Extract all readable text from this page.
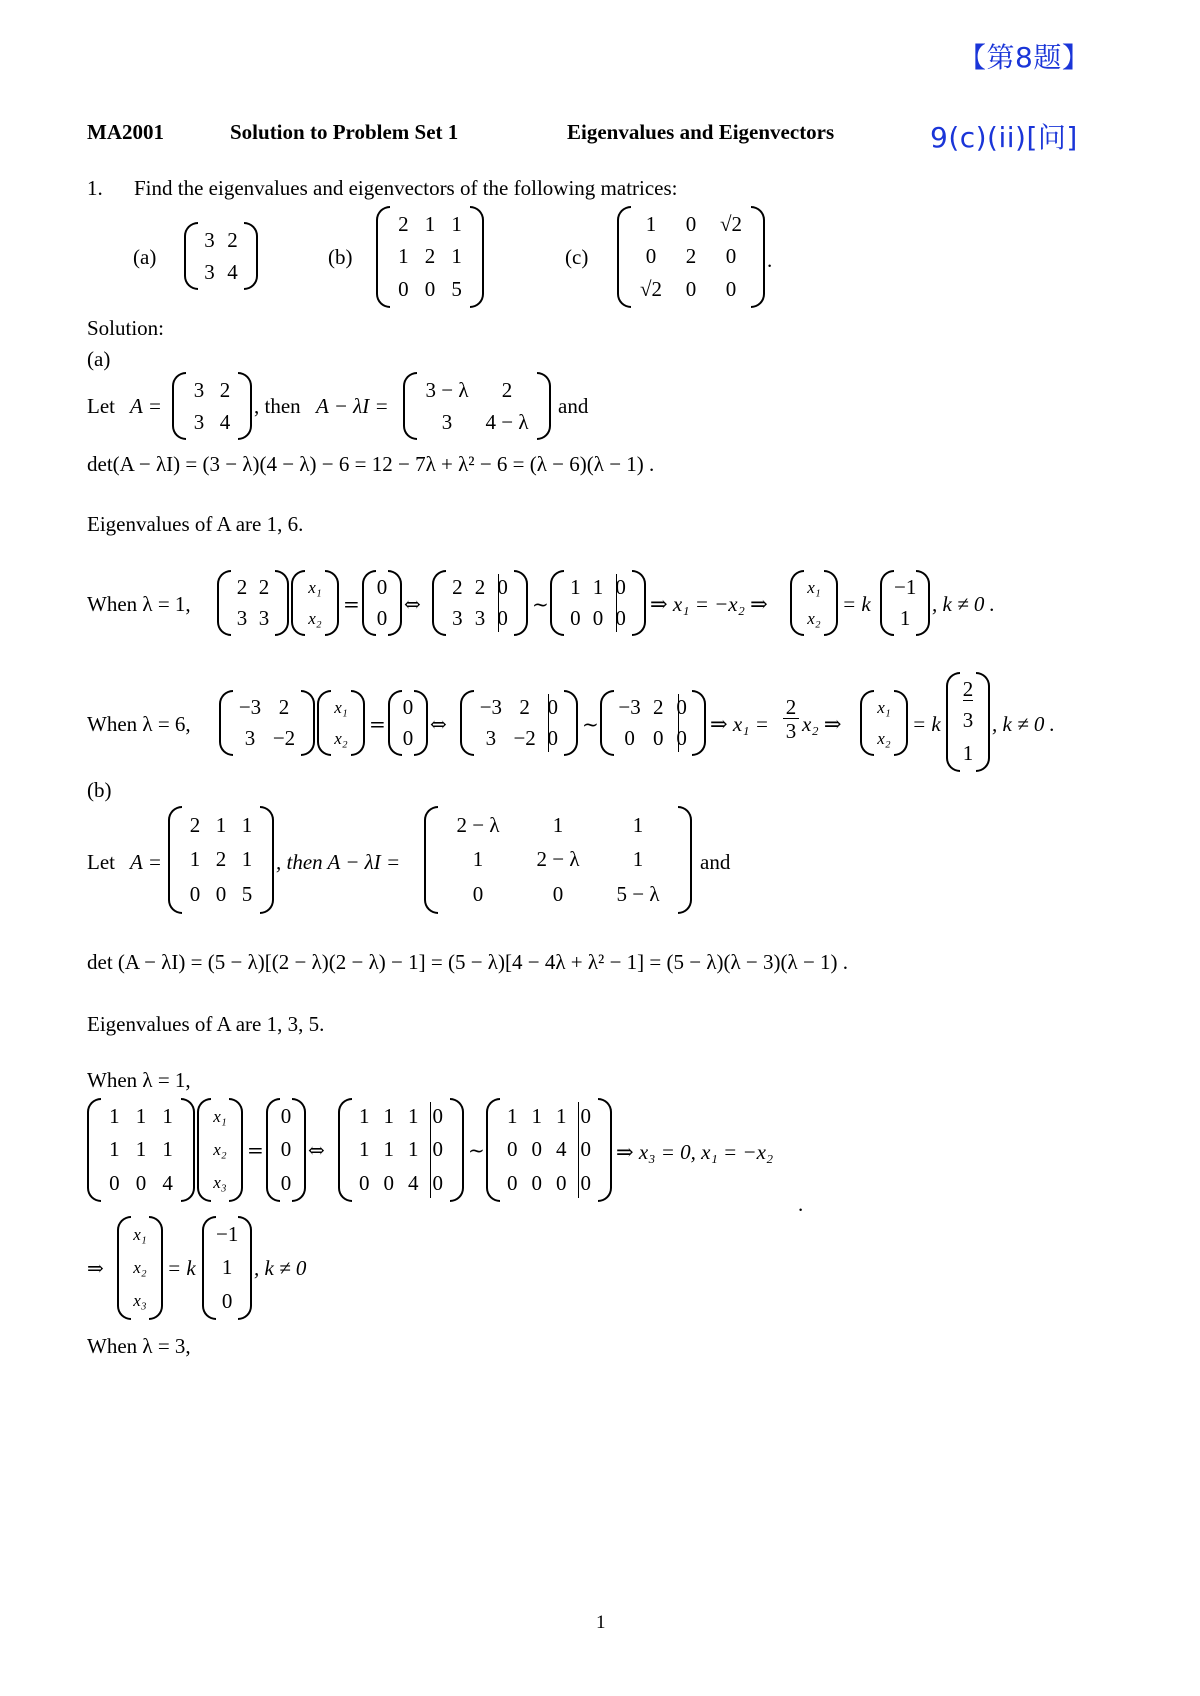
【第8题】
9(c)(ii)[问]
MA2001	Solution to Problem Set 1	Eigenvalues and Eigenvectors
1. Find the eigenvalues and eigenvectors of the following matrices:
(a)
3 2
3 4
(b)
2 1 1
1 2 1
0 0 5
(c)
1 0 √2
0 2 0
√2 0 0
.
Solution:
(a)
Let A =
3 2
3 4
, then A − λI =
3 − λ 2
3 4 − λ
and
det(A − λI) = (3 − λ)(4 − λ) − 6 = 12 − 7λ + λ² − 6 = (λ − 6)(λ − 1) .
Eigenvalues of A are 1, 6.
When λ = 1,
2 2
3 3
x₁
x₂
=
0
0
⇔
2 2 0
3 3 0
~
1 1 0
0 0 0
⇒ x₁ = −x₂ ⇒
x₁
x₂
= k
−1
1
, k ≠ 0 .
When λ = 6,
−3 2
3 −2
x₁
x₂
=
0
0
⇔
−3 2 0
3 −2 0
~
−3 2 0
0 0 0
⇒ x₁ =
2
3 x₂ ⇒
x₁
x₂
= k
2
3
1
, k ≠ 0 .
(b)
Let A =
2 1 1
1 2 1
0 0 5
, then A − λI =
2 − λ	1	1
1	2 − λ	1
0	0	5 − λ
and
det (A − λI) = (5 − λ)[(2 − λ)(2 − λ) − 1] = (5 − λ)[4 − 4λ + λ² − 1] = (5 − λ)(λ − 3)(λ − 1) .
Eigenvalues of A are 1, 3, 5.
When λ = 1,
1 1 1
1 1 1
0 0 4
x₁
x₂
x₃
=
0
0
0
⇔
1 1 1 0
1 1 1 0
0 0 4 0
~
1 1 1 0
0 0 4 0
0 0 0 0
⇒ x₃ = 0, x₁ = −x₂
.
⇒
x₁
x₂
x₃
= k
−1
1
0
, k ≠ 0
When λ = 3,
1
